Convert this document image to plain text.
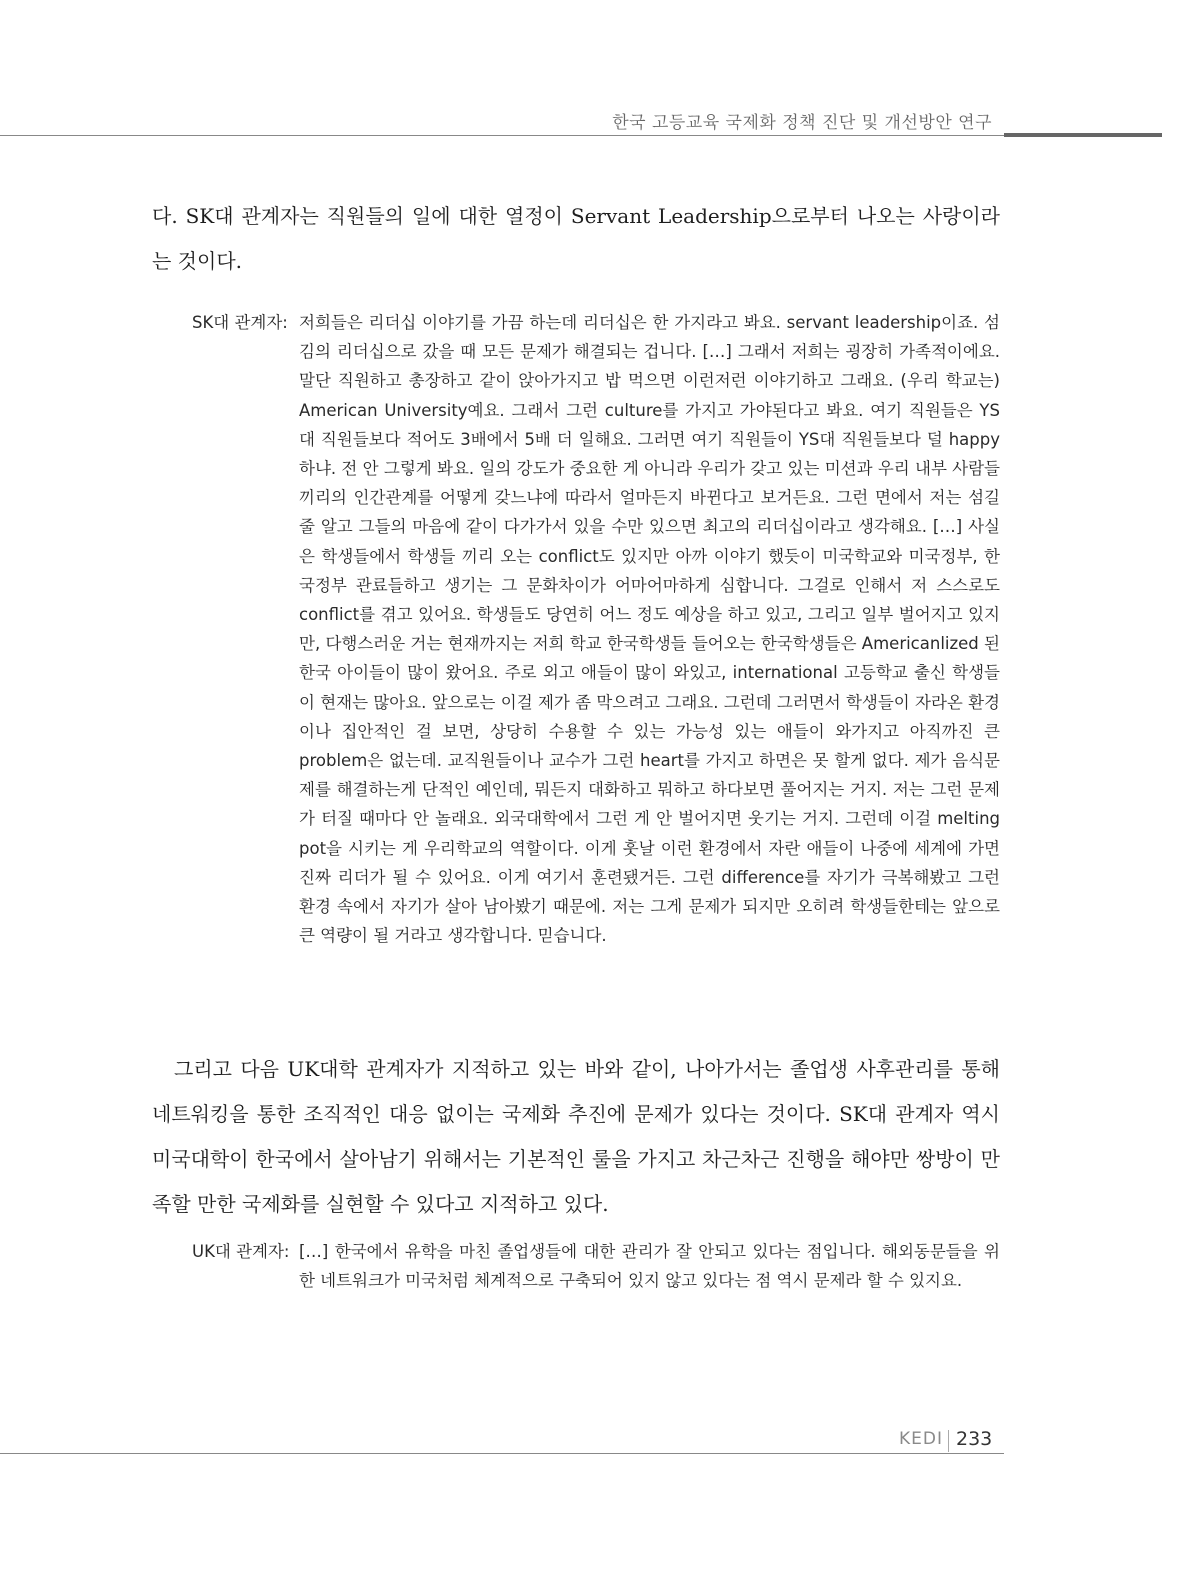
한국 고등교육 국제화 정책 진단 및 개선방안 연구

다. SK대 관계자는 직원들의 일에 대한 열정이 Servant Leadership으로부터 나오는 사랑이라는 것이다.

SK대 관계자: 저희들은 리더십 이야기를 가끔 하는데 리더십은 한 가지라고 봐요. servant leadership이죠. 섬김의 리더십으로 갔을 때 모든 문제가 해결되는 겁니다. […] 그래서 저희는 굉장히 가족적이에요. 말단 직원하고 총장하고 같이 앉아가지고 밥 먹으면 이런저런 이야기하고 그래요. (우리 학교는) American University예요. 그래서 그런 culture를 가지고 가야된다고 봐요. 여기 직원들은 YS대 직원들보다 적어도 3배에서 5배 더 일해요. 그러면 여기 직원들이 YS대 직원들보다 덜 happy하냐. 전 안 그렇게 봐요. 일의 강도가 중요한 게 아니라 우리가 갖고 있는 미션과 우리 내부 사람들끼리의 인간관계를 어떻게 갖느냐에 따라서 얼마든지 바뀐다고 보거든요. 그런 면에서 저는 섬길 줄 알고 그들의 마음에 같이 다가가서 있을 수만 있으면 최고의 리더십이라고 생각해요. […] 사실은 학생들에서 학생들 끼리 오는 conflict도 있지만 아까 이야기 했듯이 미국학교와 미국정부, 한국정부 관료들하고 생기는 그 문화차이가 어마어마하게 심합니다. 그걸로 인해서 저 스스로도 conflict를 겪고 있어요. 학생들도 당연히 어느 정도 예상을 하고 있고, 그리고 일부 벌어지고 있지만, 다행스러운 거는 현재까지는 저희 학교 한국학생들 들어오는 한국학생들은 Americanlized 된 한국 아이들이 많이 왔어요. 주로 외고 애들이 많이 와있고, international 고등학교 출신 학생들이 현재는 많아요. 앞으로는 이걸 제가 좀 막으려고 그래요. 그런데 그러면서 학생들이 자라온 환경이나 집안적인 걸 보면, 상당히 수용할 수 있는 가능성 있는 애들이 와가지고 아직까진 큰 problem은 없는데. 교직원들이나 교수가 그런 heart를 가지고 하면은 못 할게 없다. 제가 음식문제를 해결하는게 단적인 예인데, 뭐든지 대화하고 뭐하고 하다보면 풀어지는 거지. 저는 그런 문제가 터질 때마다 안 놀래요. 외국대학에서 그런 게 안 벌어지면 웃기는 거지. 그런데 이걸 melting pot을 시키는 게 우리학교의 역할이다. 이게 훗날 이런 환경에서 자란 애들이 나중에 세계에 가면 진짜 리더가 될 수 있어요. 이게 여기서 훈련됐거든. 그런 difference를 자기가 극복해봤고 그런 환경 속에서 자기가 살아 남아봤기 때문에. 저는 그게 문제가 되지만 오히려 학생들한테는 앞으로 큰 역량이 될 거라고 생각합니다. 믿습니다.

그리고 다음 UK대학 관계자가 지적하고 있는 바와 같이, 나아가서는 졸업생 사후관리를 통해 네트워킹을 통한 조직적인 대응 없이는 국제화 추진에 문제가 있다는 것이다. SK대 관계자 역시 미국대학이 한국에서 살아남기 위해서는 기본적인 룰을 가지고 차근차근 진행을 해야만 쌍방이 만족할 만한 국제화를 실현할 수 있다고 지적하고 있다.

UK대 관계자: […] 한국에서 유학을 마친 졸업생들에 대한 관리가 잘 안되고 있다는 점입니다. 해외동문들을 위한 네트워크가 미국처럼 체계적으로 구축되어 있지 않고 있다는 점 역시 문제라 할 수 있지요.

KEDI 233
